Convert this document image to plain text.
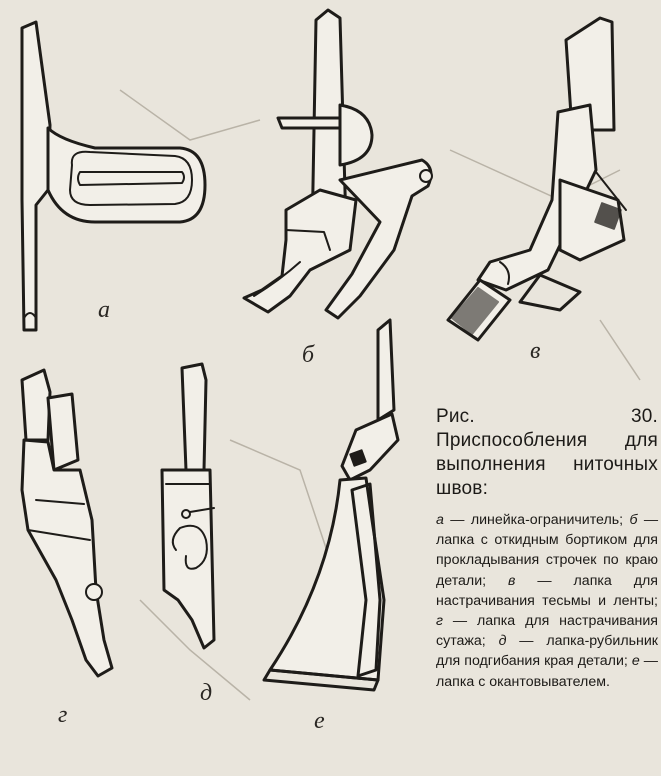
а
б	в
г
д
е

Рис. 30. Приспособления для выполнения ниточных швов:

а — линейка-ограничитель; б — лапка с откидным бортиком для прокладывания строчек по краю детали; в — лапка для настрачивания тесьмы и ленты; г — лапка для настрачивания сутажа; д — лапка-рубильник для подгибания края детали; е — лапка с окантовывателем.
